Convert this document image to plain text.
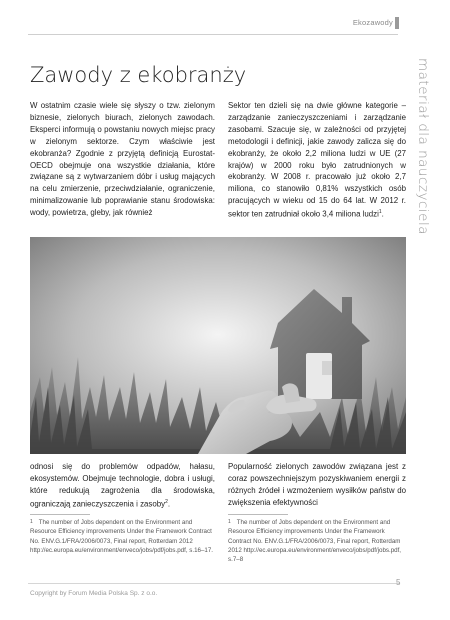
Ekozawody
materiał dla nauczyciela
Zawody z ekobranży

W ostatnim czasie wiele się słyszy o tzw. zielonym biznesie, zielonych biurach, zielonych zawodach. Eksperci informują o powstaniu nowych miejsc pracy w zielonym sektorze. Czym właściwie jest ekobranża? Zgodnie z przyjętą definicją Eurostat-OECD obejmuje ona wszystkie działania, które związane są z wytwarzaniem dóbr i usług mających na celu zmierzenie, przeciwdziałanie, ograniczenie, minimalizowanie lub poprawianie stanu środowiska: wody, powietrza, gleby, jak również

Sektor ten dzieli się na dwie główne kategorie – zarządzanie zanieczyszczeniami i zarządzanie zasobami. Szacuje się, w zależności od przyjętej metodologii i definicji, jakie zawody zalicza się do ekobranży, że około 2,2 miliona ludzi w UE (27 krajów) w 2000 roku było zatrudnionych w ekobranży. W 2008 r. pracowało już około 2,7 miliona, co stanowiło 0,81% wszystkich osób pracujących w wieku od 15 do 64 lat. W 2012 r. sektor ten zatrudniał około 3,4 miliona ludzi$^1$.

odnosi się do problemów odpadów, hałasu, ekosystemów. Obejmuje technologie, dobra i usługi, które redukują zagrożenia dla środowiska, ograniczają zanieczyszczenia i zasoby$^2$.

Popularność zielonych zawodów związana jest z coraz powszechniejszym pozyskiwaniem energii z różnych źródeł i wzmożeniem wysiłków państw do zwiększenia efektywności

$^1$ The number of Jobs dependent on the Environment and Resource Efficiency improvements Under the Framework Contract No. ENV.G.1/FRA/2006/0073, Final report, Rotterdam 2012 http://ec.europa.eu/environment/enveco/jobs/pdf/jobs.pdf, s.16–17.
$^1$ The number of Jobs dependent on the Environment and Resource Efficiency improvements Under the Framework Contract No. ENV.G.1/FRA/2006/0073, Final report, Rotterdam 2012 http://ec.europa.eu/environment/enveco/jobs/pdf/jobs.pdf, s.7–8
5
Copyright by Forum Media Polska Sp. z o.o.
